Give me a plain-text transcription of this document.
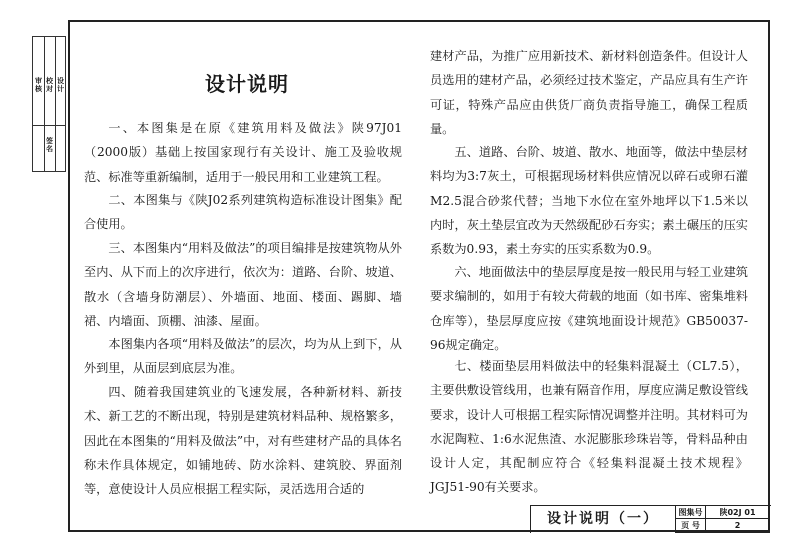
审核
校对
设计
签名
设计说明

一、本图集是在原《建筑用料及做法》陕97J01（2000版）基础上按国家现行有关设计、施工及验收规范、标准等重新编制，适用于一般民用和工业建筑工程。

二、本图集与《陕J02系列建筑构造标准设计图集》配合使用。

三、本图集内“用料及做法”的项目编排是按建筑物从外至内、从下而上的次序进行，依次为：道路、台阶、坡道、散水（含墙身防潮层）、外墙面、地面、楼面、踢脚、墙裙、内墙面、顶棚、油漆、屋面。

本图集内各项“用料及做法”的层次，均为从上到下，从外到里，从面层到底层为准。

四、随着我国建筑业的飞速发展，各种新材料、新技术、新工艺的不断出现，特别是建筑材料品种、规格繁多，因此在本图集的“用料及做法”中，对有些建材产品的具体名称未作具体规定，如铺地砖、防水涂料、建筑胶、界面剂等，意使设计人员应根据工程实际，灵活选用合适的

建材产品，为推广应用新技术、新材料创造条件。但设计人员选用的建材产品，必须经过技术鉴定，产品应具有生产许可证，特殊产品应由供货厂商负责指导施工，确保工程质量。

五、道路、台阶、坡道、散水、地面等，做法中垫层材料均为3:7灰土，可根据现场材料供应情况以碎石或卵石灌M2.5混合砂浆代替；当地下水位在室外地坪以下1.5米以内时，灰土垫层宜改为天然级配砂石夯实；素土碾压的压实系数为0.93，素土夯实的压实系数为0.9。

六、地面做法中的垫层厚度是按一般民用与轻工业建筑要求编制的，如用于有较大荷载的地面（如书库、密集堆料仓库等），垫层厚度应按《建筑地面设计规范》GB50037-96规定确定。

七、楼面垫层用料做法中的轻集料混凝土（CL7.5），主要供敷设管线用，也兼有隔音作用，厚度应满足敷设管线要求，设计人可根据工程实际情况调整并注明。其材料可为水泥陶粒、1:6水泥焦渣、水泥膨胀珍珠岩等，骨料品种由设计人定，其配制应符合《轻集料混凝土技术规程》JGJ51-90有关要求。

设计说明（一）	图集号	陕02J 01
页 号	2
